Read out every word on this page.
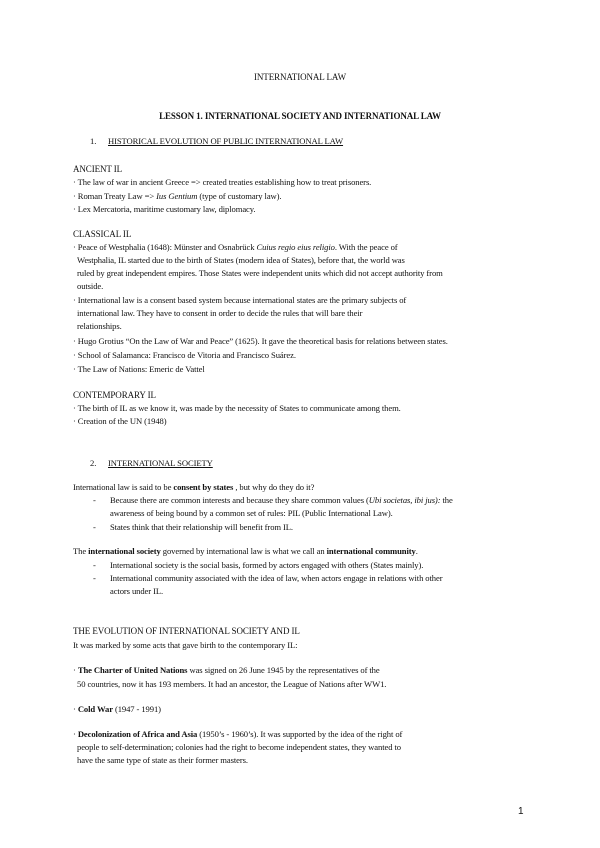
INTERNATIONAL LAW
LESSON 1. INTERNATIONAL SOCIETY AND INTERNATIONAL LAW
1. HISTORICAL EVOLUTION OF PUBLIC INTERNATIONAL LAW
ANCIENT IL
· The law of war in ancient Greece => created treaties establishing how to treat prisoners.
· Roman Treaty Law => Ius Gentium (type of customary law).
· Lex Mercatoria, maritime customary law, diplomacy.
CLASSICAL IL
· Peace of Westphalia (1648): Münster and Osnabrück Cuius regio eius religio. With the peace of
Westphalia, IL started due to the birth of States (modern idea of States), before that, the world was
ruled by great independent empires. Those States were independent units which did not accept authority from
outside.
· International law is a consent based system because international states are the primary subjects of
international law. They have to consent in order to decide the rules that will bare their
relationships.
· Hugo Grotius “On the Law of War and Peace” (1625). It gave the theoretical basis for relations between states.
· School of Salamanca: Francisco de Vitoria and Francisco Suárez.
· The Law of Nations: Emeric de Vattel
CONTEMPORARY IL
· The birth of IL as we know it, was made by the necessity of States to communicate among them.
· Creation of the UN (1948)
2. INTERNATIONAL SOCIETY
International law is said to be consent by states , but why do they do it?
- Because there are common interests and because they share common values (Ubi societas, ibi jus): the
awareness of being bound by a common set of rules: PIL (Public International Law).
- States think that their relationship will benefit from IL.
The international society governed by international law is what we call an international community.
- International society is the social basis, formed by actors engaged with others (States mainly).
- International community associated with the idea of law, when actors engage in relations with other
actors under IL.
THE EVOLUTION OF INTERNATIONAL SOCIETY AND IL
It was marked by some acts that gave birth to the contemporary IL:
· The Charter of United Nations was signed on 26 June 1945 by the representatives of the
50 countries, now it has 193 members. It had an ancestor, the League of Nations after WW1.
· Cold War (1947 - 1991)
· Decolonization of Africa and Asia (1950’s - 1960’s). It was supported by the idea of the right of
people to self-determination; colonies had the right to become independent states, they wanted to
have the same type of state as their former masters.
1
